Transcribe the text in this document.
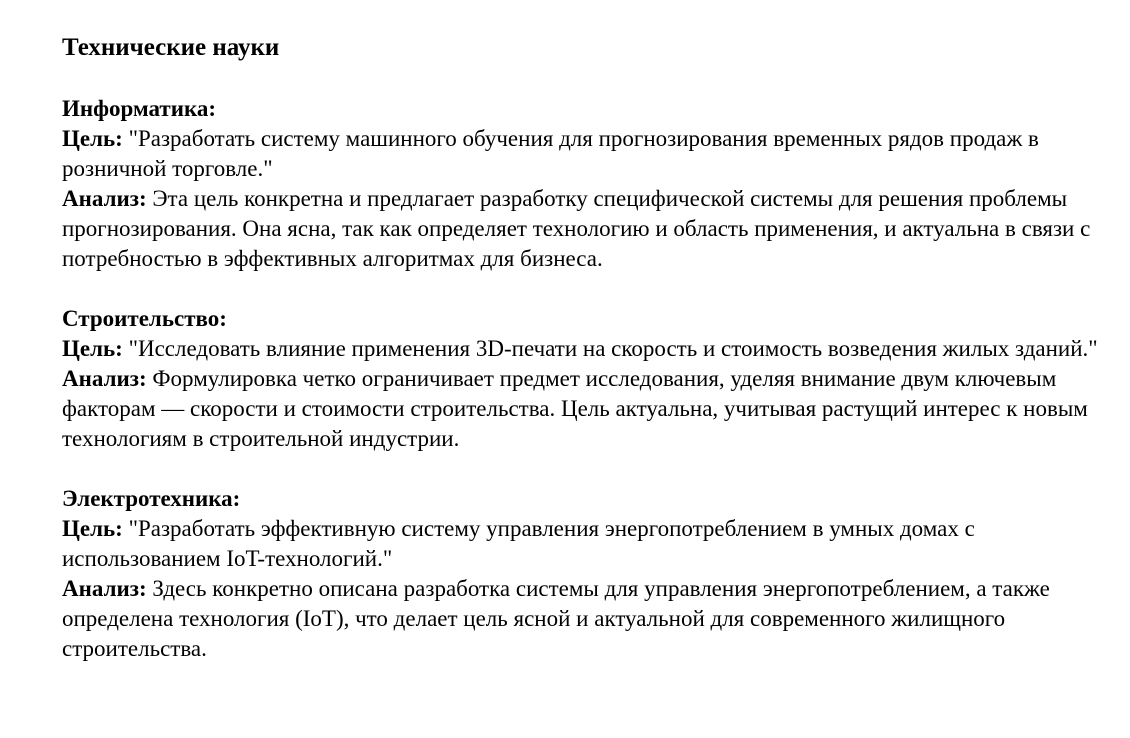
Технические науки
Информатика:

Цель: "Разработать систему машинного обучения для прогнозирования временных рядов продаж в розничной торговле."

Анализ: Эта цель конкретна и предлагает разработку специфической системы для решения проблемы прогнозирования. Она ясна, так как определяет технологию и область применения, и актуальна в связи с потребностью в эффективных алгоритмах для бизнеса.

Строительство:

Цель: "Исследовать влияние применения 3D-печати на скорость и стоимость возведения жилых зданий."

Анализ: Формулировка четко ограничивает предмет исследования, уделяя внимание двум ключевым факторам — скорости и стоимости строительства. Цель актуальна, учитывая растущий интерес к новым технологиям в строительной индустрии.

Электротехника:

Цель: "Разработать эффективную систему управления энергопотреблением в умных домах с использованием IoT-технологий."

Анализ: Здесь конкретно описана разработка системы для управления энергопотреблением, а также определена технология (IoT), что делает цель ясной и актуальной для современного жилищного строительства.
